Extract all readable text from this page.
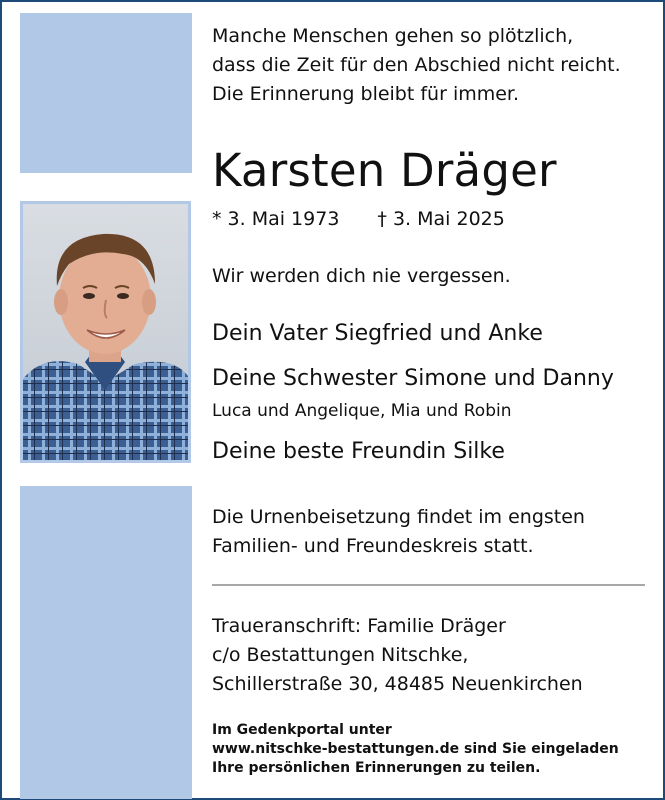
Manche Menschen gehen so plötzlich,
dass die Zeit für den Abschied nicht reicht.
Die Erinnerung bleibt für immer.
Karsten Dräger
* 3. Mai 1973 † 3. Mai 2025
Wir werden dich nie vergessen.
Dein Vater Siegfried und Anke
Deine Schwester Simone und Danny
Luca und Angelique, Mia und Robin
Deine beste Freundin Silke
Die Urnenbeisetzung findet im engsten
Familien- und Freundeskreis statt.
Traueranschrift: Familie Dräger
c/o Bestattungen Nitschke,
Schillerstraße 30, 48485 Neuenkirchen
Im Gedenkportal unter
www.nitschke-bestattungen.de sind Sie eingeladen
Ihre persönlichen Erinnerungen zu teilen.
